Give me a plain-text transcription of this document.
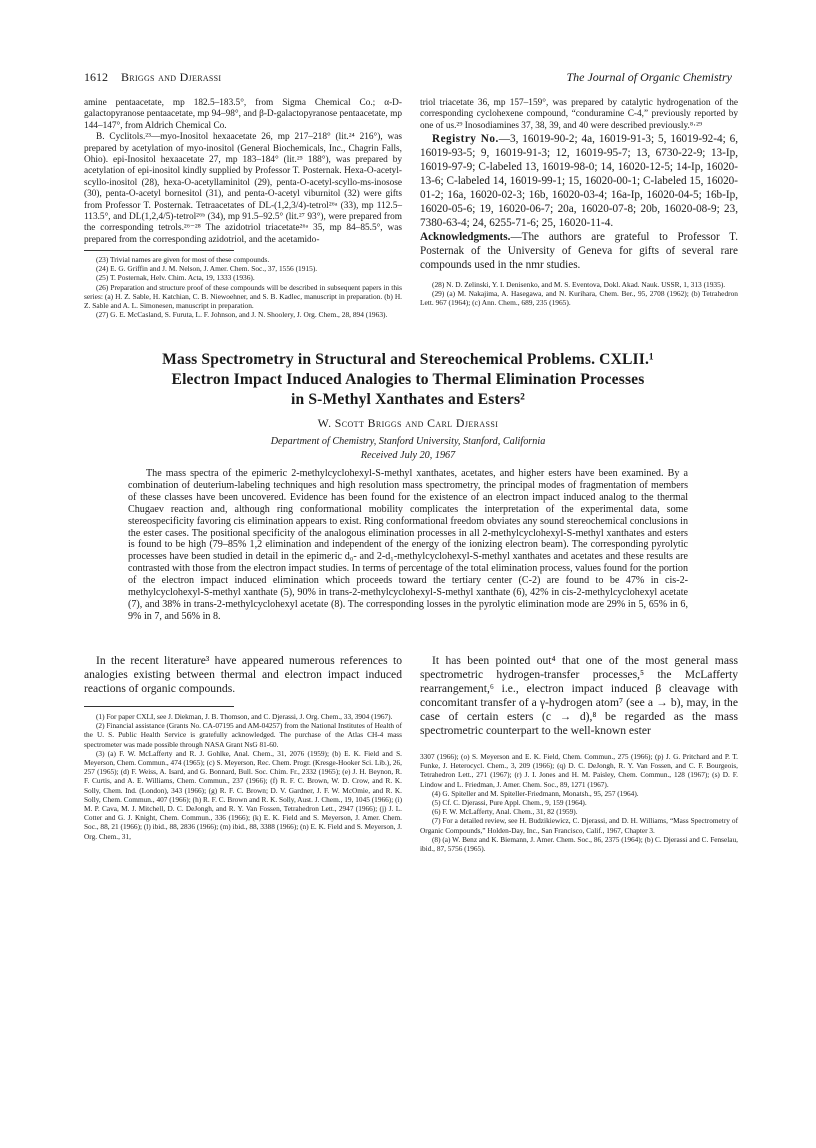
1612 Briggs and Djerassi	The Journal of Organic Chemistry

amine pentaacetate, mp 182.5–183.5°, from Sigma Chemical Co.; α-D-galactopyranose pentaacetate, mp 94–98°, and β-D-galactopyranose pentaacetate, mp 144–147°, from Aldrich Chemical Co.

B. Cyclitols.²³—myo-Inositol hexaacetate 26, mp 217–218° (lit.²⁴ 216°), was prepared by acetylation of myo-inositol (General Biochemicals, Inc., Chagrin Falls, Ohio). epi-Inositol hexaacetate 27, mp 183–184° (lit.²⁵ 188°), was prepared by acetylation of epi-inositol kindly supplied by Professor T. Posternak. Hexa-O-acetyl-scyllo-inositol (28), hexa-O-acetyllaminitol (29), penta-O-acetyl-scyllo-ms-inosose (30), penta-O-acetyl bornesitol (31), and penta-O-acetyl viburnitol (32) were gifts from Professor T. Posternak. Tetraacetates of DL-(1,2,3/4)-tetrol²⁶ᵃ (33), mp 112.5–113.5°, and DL(1,2,4/5)-tetrol²⁶ᵇ (34), mp 91.5–92.5° (lit.²⁷ 93°), were prepared from the corresponding tetrols.²⁶⁻²⁸ The azidotriol triacetate²⁶ᵃ 35, mp 84–85.5°, was prepared from the corresponding azidotriol, and the acetamido-

(23) Trivial names are given for most of these compounds.

(24) E. G. Griffin and J. M. Nelson, J. Amer. Chem. Soc., 37, 1556 (1915).

(25) T. Posternak, Helv. Chim. Acta, 19, 1333 (1936).

(26) Preparation and structure proof of these compounds will be described in subsequent papers in this series: (a) H. Z. Sable, H. Katchian, C. B. Niewoehner, and S. B. Kadlec, manuscript in preparation. (b) H. Z. Sable and A. L. Simonesen, manuscript in preparation.

(27) G. E. McCasland, S. Furuta, L. F. Johnson, and J. N. Shoolery, J. Org. Chem., 28, 894 (1963).

triol triacetate 36, mp 157–159°, was prepared by catalytic hydrogenation of the corresponding cyclohexene compound, “conduramine C-4,” previously reported by one of us.²⁹ Inosodiamines 37, 38, 39, and 40 were described previously.⁸·²⁹

Registry No.—3, 16019-90-2; 4a, 16019-91-3; 5, 16019-92-4; 6, 16019-93-5; 9, 16019-91-3; 12, 16019-95-7; 13, 6730-22-9; 13-Ip, 16019-97-9; C-labeled 13, 16019-98-0; 14, 16020-12-5; 14-Ip, 16020-13-6; C-labeled 14, 16019-99-1; 15, 16020-00-1; C-labeled 15, 16020-01-2; 16a, 16020-02-3; 16b, 16020-03-4; 16a-Ip, 16020-04-5; 16b-Ip, 16020-05-6; 19, 16020-06-7; 20a, 16020-07-8; 20b, 16020-08-9; 23, 7380-63-4; 24, 6255-71-6; 25, 16020-11-4.

Acknowledgments.—The authors are grateful to Professor T. Posternak of the University of Geneva for gifts of several rare compounds used in the nmr studies.

(28) N. D. Zelinski, Y. I. Denisenko, and M. S. Eventova, Dokl. Akad. Nauk. USSR, 1, 313 (1935).

(29) (a) M. Nakajima, A. Hasegawa, and N. Kurihara, Chem. Ber., 95, 2708 (1962); (b) Tetrahedron Lett. 967 (1964); (c) Ann. Chem., 689, 235 (1965).

Mass Spectrometry in Structural and Stereochemical Problems. CXLII.¹
Electron Impact Induced Analogies to Thermal Elimination Processes
in S-Methyl Xanthates and Esters²
W. Scott Briggs and Carl Djerassi
Department of Chemistry, Stanford University, Stanford, California
Received July 20, 1967

The mass spectra of the epimeric 2-methylcyclohexyl-S-methyl xanthates, acetates, and higher esters have been examined. By a combination of deuterium-labeling techniques and high resolution mass spectrometry, the principal modes of fragmentation of members of these classes have been uncovered. Evidence has been found for the existence of an electron impact induced analog to the thermal Chugaev reaction and, although ring conformational mobility complicates the interpretation of the experimental data, some stereospecificity favoring cis elimination appears to exist. Ring conformational freedom obviates any sound stereochemical conclusions in the ester cases. The positional specificity of the analogous elimination processes in all 2-methylcyclohexyl-S-methyl xanthates and esters is found to be high (79–85% 1,2 elimination and independent of the energy of the ionizing electron beam). The corresponding pyrolytic processes have been studied in detail in the epimeric d₀- and 2-d₁-methylcyclohexyl-S-methyl xanthates and acetates and these results are contrasted with those from the electron impact studies. In terms of percentage of the total elimination process, values found for the portion of the electron impact induced elimination which proceeds toward the tertiary center (C-2) are found to be 47% in cis-2-methylcyclohexyl-S-methyl xanthate (5), 90% in trans-2-methylcyclohexyl-S-methyl xanthate (6), 42% in cis-2-methylcyclohexyl acetate (7), and 38% in trans-2-methylcyclohexyl acetate (8). The corresponding losses in the pyrolytic elimination mode are 29% in 5, 65% in 6, 9% in 7, and 56% in 8.

In the recent literature³ have appeared numerous references to analogies existing between thermal and electron impact induced reactions of organic compounds.

(1) For paper CXLI, see J. Diekman, J. B. Thomson, and C. Djerassi, J. Org. Chem., 33, 3904 (1967).

(2) Financial assistance (Grants No. CA-07195 and AM-04257) from the National Institutes of Health of the U. S. Public Health Service is gratefully acknowledged. The purchase of the Atlas CH-4 mass spectrometer was made possible through NASA Grant NsG 81-60.

(3) (a) F. W. McLafferty and R. J. Gohlke, Anal. Chem., 31, 2076 (1959); (b) E. K. Field and S. Meyerson, Chem. Commun., 474 (1965); (c) S. Meyerson, Rec. Chem. Progr. (Kresge-Hooker Sci. Lib.), 26, 257 (1965); (d) F. Weiss, A. Isard, and G. Bonnard, Bull. Soc. Chim. Fr., 2332 (1965); (e) J. H. Beynon, R. F. Curtis, and A. E. Williams, Chem. Commun., 237 (1966); (f) R. F. C. Brown, W. D. Crow, and R. K. Solly, Chem. Ind. (London), 343 (1966); (g) R. F. C. Brown; D. V. Gardner, J. F. W. McOmie, and R. K. Solly, Chem. Commun., 407 (1966); (h) R. F. C. Brown and R. K. Solly, Aust. J. Chem., 19, 1045 (1966); (i) M. P. Cava, M. J. Mitchell, D. C. DeJongh, and R. Y. Van Fossen, Tetrahedron Lett., 2947 (1966); (j) J. L. Cotter and G. J. Knight, Chem. Commun., 336 (1966); (k) E. K. Field and S. Meyerson, J. Amer. Chem. Soc., 88, 21 (1966); (l) ibid., 88, 2836 (1966); (m) ibid., 88, 3388 (1966); (n) E. K. Field and S. Meyerson, J. Org. Chem., 31,

It has been pointed out⁴ that one of the most general mass spectrometric hydrogen-transfer processes,⁵ the McLafferty rearrangement,⁶ i.e., electron impact induced β cleavage with concomitant transfer of a γ-hydrogen atom⁷ (see a → b), may, in the case of certain esters (c → d),⁸ be regarded as the mass spectrometric counterpart to the well-known ester

3307 (1966); (o) S. Meyerson and E. K. Field, Chem. Commun., 275 (1966); (p) J. G. Pritchard and P. T. Funke, J. Heterocycl. Chem., 3, 209 (1966); (q) D. C. DeJongh, R. Y. Van Fossen, and C. F. Bourgeois, Tetrahedron Lett., 271 (1967); (r) J. I. Jones and H. M. Paisley, Chem. Commun., 128 (1967); (s) D. F. Lindow and L. Friedman, J. Amer. Chem. Soc., 89, 1271 (1967).

(4) G. Spiteller and M. Spiteller-Friedmann, Monatsh., 95, 257 (1964).

(5) Cf. C. Djerassi, Pure Appl. Chem., 9, 159 (1964).

(6) F. W. McLafferty, Anal. Chem., 31, 82 (1959).

(7) For a detailed review, see H. Budzikiewicz, C. Djerassi, and D. H. Williams, “Mass Spectrometry of Organic Compounds,” Holden-Day, Inc., San Francisco, Calif., 1967, Chapter 3.

(8) (a) W. Benz and K. Biemann, J. Amer. Chem. Soc., 86, 2375 (1964); (b) C. Djerassi and C. Fenselau, ibid., 87, 5756 (1965).
